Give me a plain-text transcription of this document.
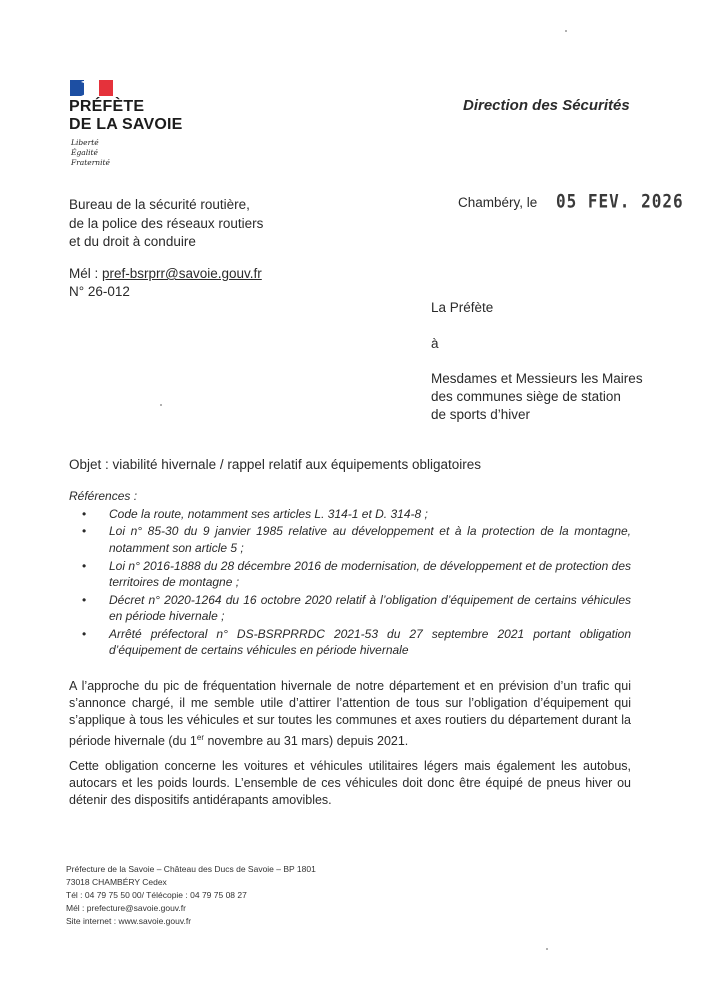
PRÉFÈTE
DE LA SAVOIE
Liberté
Égalité
Fraternité
Direction des Sécurités
Bureau de la sécurité routière,
de la police des réseaux routiers
et du droit à conduire
Chambéry, le 05 FEV. 2026
Mél : pref-bsrprr@savoie.gouv.fr
N° 26-012
La Préfète
à
Mesdames et Messieurs les Maires
des communes siège de station
de sports d’hiver
Objet : viabilité hivernale / rappel relatif aux équipements obligatoires
Références :
• Code la route, notamment ses articles L. 314-1 et D. 314-8 ;
• Loi n° 85-30 du 9 janvier 1985 relative au développement et à la protection de la montagne, notamment son article 5 ;
• Loi n° 2016-1888 du 28 décembre 2016 de modernisation, de développement et de protection des territoires de montagne ;
• Décret n° 2020-1264 du 16 octobre 2020 relatif à l’obligation d’équipement de certains véhicules en période hivernale ;
• Arrêté préfectoral n° DS-BSRPRRDC 2021-53 du 27 septembre 2021 portant obligation d’équipement de certains véhicules en période hivernale

A l’approche du pic de fréquentation hivernale de notre département et en prévision d’un trafic qui s’annonce chargé, il me semble utile d’attirer l’attention de tous sur l’obligation d’équipement qui s’applique à tous les véhicules et sur toutes les communes et axes routiers du département durant la période hivernale (du 1er novembre au 31 mars) depuis 2021.

Cette obligation concerne les voitures et véhicules utilitaires légers mais également les autobus, autocars et les poids lourds. L’ensemble de ces véhicules doit donc être équipé de pneus hiver ou détenir des dispositifs antidérapants amovibles.

Préfecture de la Savoie – Château des Ducs de Savoie – BP 1801
73018 CHAMBÉRY Cedex
Tél : 04 79 75 50 00/ Télécopie : 04 79 75 08 27
Mél : prefecture@savoie.gouv.fr
Site internet : www.savoie.gouv.fr
